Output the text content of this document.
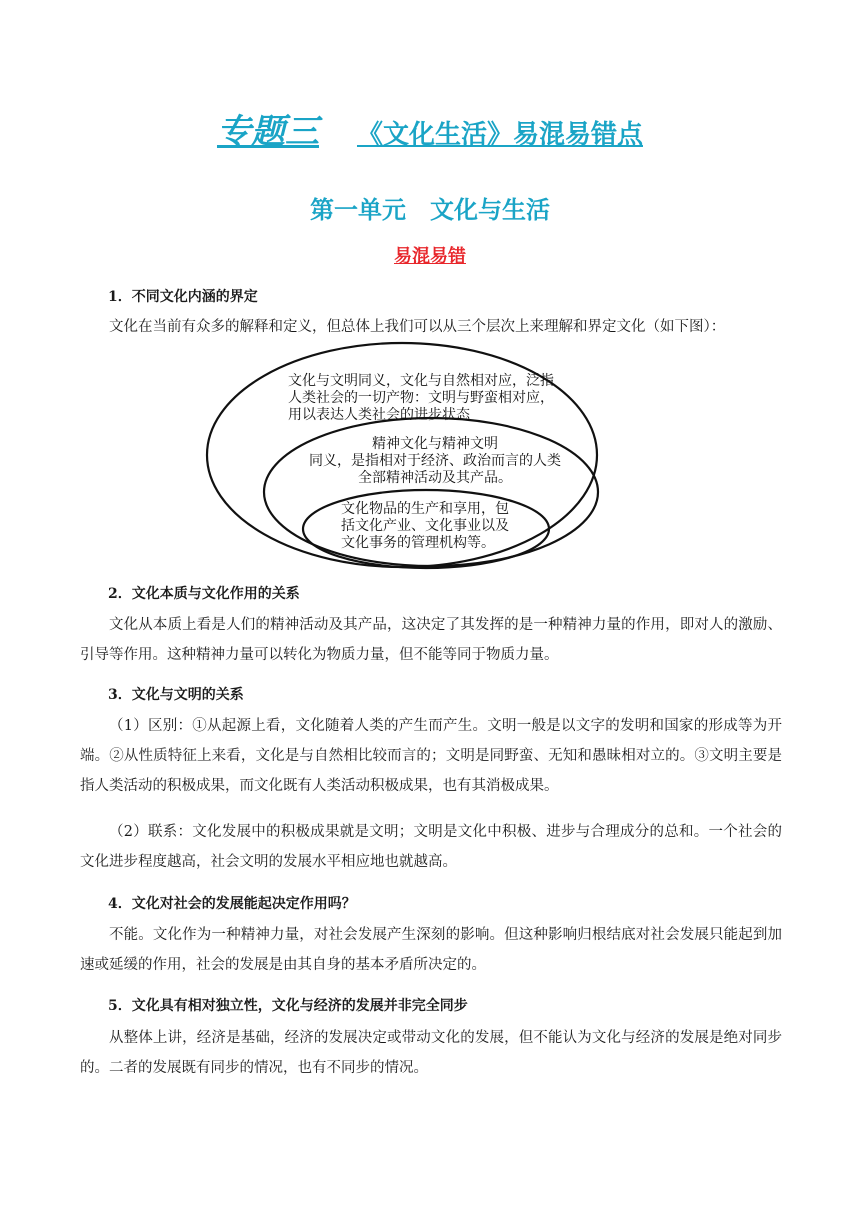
专题三 《文化生活》易混易错点
第一单元　文化与生活
易混易错
1．不同文化内涵的界定
文化在当前有众多的解释和定义，但总体上我们可以从三个层次上来理解和界定文化（如下图）：
文化与文明同义，文化与自然相对应，泛指
人类社会的一切产物：文明与野蛮相对应，
用以表达人类社会的进步状态
精神文化与精神文明
同义，是指相对于经济、政治而言的人类
全部精神活动及其产品。
文化物品的生产和享用，包
括文化产业、文化事业以及
文化事务的管理机构等。
2．文化本质与文化作用的关系
文化从本质上看是人们的精神活动及其产品，这决定了其发挥的是一种精神力量的作用，即对人的激励、引导等作用。这种精神力量可以转化为物质力量，但不能等同于物质力量。
3．文化与文明的关系
（1）区别：①从起源上看，文化随着人类的产生而产生。文明一般是以文字的发明和国家的形成等为开端。②从性质特征上来看，文化是与自然相比较而言的；文明是同野蛮、无知和愚昧相对立的。③文明主要是指人类活动的积极成果，而文化既有人类活动积极成果，也有其消极成果。
（2）联系：文化发展中的积极成果就是文明；文明是文化中积极、进步与合理成分的总和。一个社会的文化进步程度越高，社会文明的发展水平相应地也就越高。
4．文化对社会的发展能起决定作用吗？
不能。文化作为一种精神力量，对社会发展产生深刻的影响。但这种影响归根结底对社会发展只能起到加速或延缓的作用，社会的发展是由其自身的基本矛盾所决定的。
5．文化具有相对独立性，文化与经济的发展并非完全同步
从整体上讲，经济是基础，经济的发展决定或带动文化的发展，但不能认为文化与经济的发展是绝对同步的。二者的发展既有同步的情况，也有不同步的情况。
